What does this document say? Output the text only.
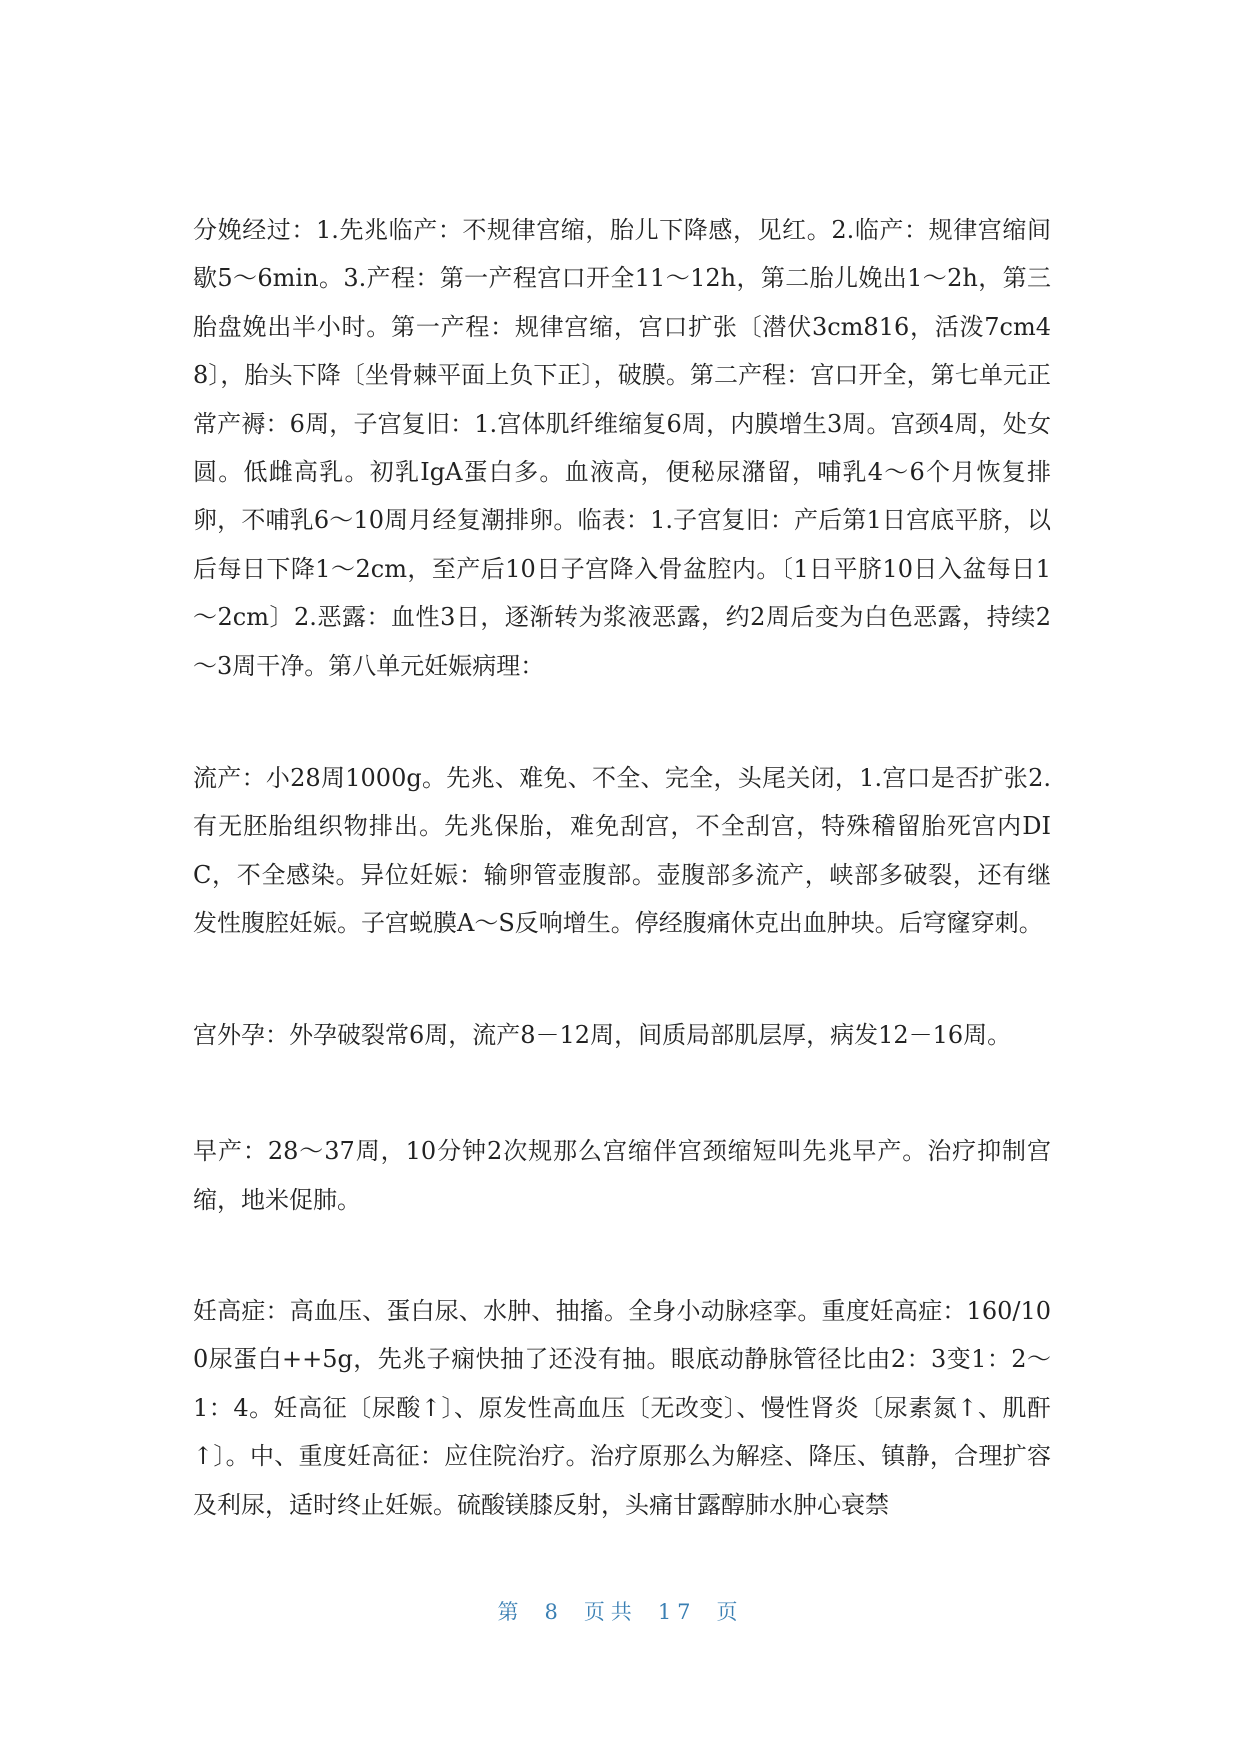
分娩经过：1.先兆临产：不规律宫缩，胎儿下降感，见红。2.临产：规律宫缩间歇5～6min。3.产程：第一产程宫口开全11～12h，第二胎儿娩出1～2h，第三胎盘娩出半小时。第一产程：规律宫缩，宫口扩张〔潜伏3cm816，活泼7cm48〕，胎头下降〔坐骨棘平面上负下正〕，破膜。第二产程：宫口开全，第七单元正常产褥：6周，子宫复旧：1.宫体肌纤维缩复6周，内膜增生3周。宫颈4周，处女圆。低雌高乳。初乳IgA蛋白多。血液高，便秘尿潴留，哺乳4～6个月恢复排卵，不哺乳6～10周月经复潮排卵。临表：1.子宫复旧：产后第1日宫底平脐，以后每日下降1～2cm，至产后10日子宫降入骨盆腔内。〔1日平脐10日入盆每日1～2cm〕2.恶露：血性3日，逐渐转为浆液恶露，约2周后变为白色恶露，持续2～3周干净。第八单元妊娠病理：

流产：小28周1000g。先兆、难免、不全、完全，头尾关闭，1.宫口是否扩张2.有无胚胎组织物排出。先兆保胎，难免刮宫，不全刮宫，特殊稽留胎死宫内DIC，不全感染。异位妊娠：输卵管壶腹部。壶腹部多流产，峡部多破裂，还有继发性腹腔妊娠。子宫蜕膜A～S反响增生。停经腹痛休克出血肿块。后穹窿穿刺。

宫外孕：外孕破裂常6周，流产8－12周，间质局部肌层厚，病发12－16周。

早产：28～37周，10分钟2次规那么宫缩伴宫颈缩短叫先兆早产。治疗抑制宫缩，地米促肺。

妊高症：高血压、蛋白尿、水肿、抽搐。全身小动脉痉挛。重度妊高症：160/100尿蛋白++5g，先兆子痫快抽了还没有抽。眼底动静脉管径比由2：3变1：2～1：4。妊高征〔尿酸↑〕、原发性高血压〔无改变〕、慢性肾炎〔尿素氮↑、肌酐↑〕。中、重度妊高征：应住院治疗。治疗原那么为解痉、降压、镇静，合理扩容及利尿，适时终止妊娠。硫酸镁膝反射，头痛甘露醇肺水肿心衰禁

第 8 页共 17 页
